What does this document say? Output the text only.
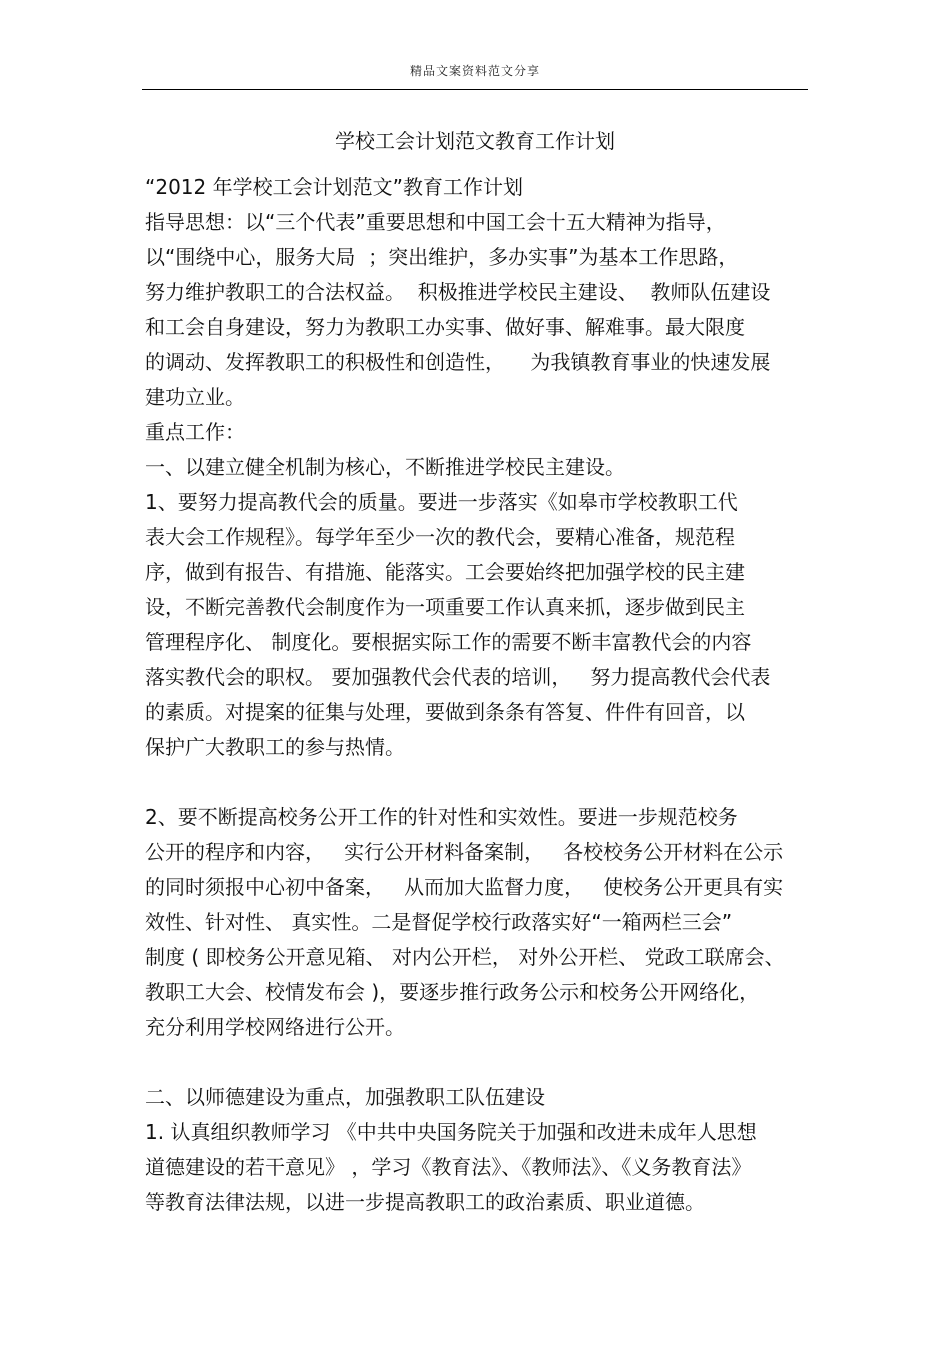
精品文案资料范文分享
学校工会计划范文教育工作计划
“2012 年学校工会计划范文”教育工作计划
指导思想：以“三个代表”重要思想和中国工会十五大精神为指导，
以“围绕中心，服务大局  ；突出维护，多办实事”为基本工作思路，
努力维护教职工的合法权益。  积极推进学校民主建设、  教师队伍建设
和工会自身建设，努力为教职工办实事、做好事、解难事。最大限度
的调动、发挥教职工的积极性和创造性，    为我镇教育事业的快速发展
建功立业。
重点工作：
一、以建立健全机制为核心，不断推进学校民主建设。
1、要努力提高教代会的质量。要进一步落实《如皋市学校教职工代
表大会工作规程》。每学年至少一次的教代会，要精心准备，规范程
序，做到有报告、有措施、能落实。工会要始终把加强学校的民主建
设，不断完善教代会制度作为一项重要工作认真来抓，逐步做到民主
管理程序化、 制度化。要根据实际工作的需要不断丰富教代会的内容
落实教代会的职权。 要加强教代会代表的培训，   努力提高教代会代表
的素质。对提案的征集与处理，要做到条条有答复、件件有回音，以
保护广大教职工的参与热情。
2、要不断提高校务公开工作的针对性和实效性。要进一步规范校务
公开的程序和内容，   实行公开材料备案制，   各校校务公开材料在公示
的同时须报中心初中备案，   从而加大监督力度，   使校务公开更具有实
效性、针对性、 真实性。二是督促学校行政落实好“一箱两栏三会”
制度 ( 即校务公开意见箱、 对内公开栏， 对外公开栏、 党政工联席会、
教职工大会、校情发布会 )，要逐步推行政务公示和校务公开网络化，
充分利用学校网络进行公开。
二、以师德建设为重点，加强教职工队伍建设
1. 认真组织教师学习 《中共中央国务院关于加强和改进未成年人思想
道德建设的若干意见》 ，学习《教育法》、《教师法》、《义务教育法》
等教育法律法规，以进一步提高教职工的政治素质、职业道德。
